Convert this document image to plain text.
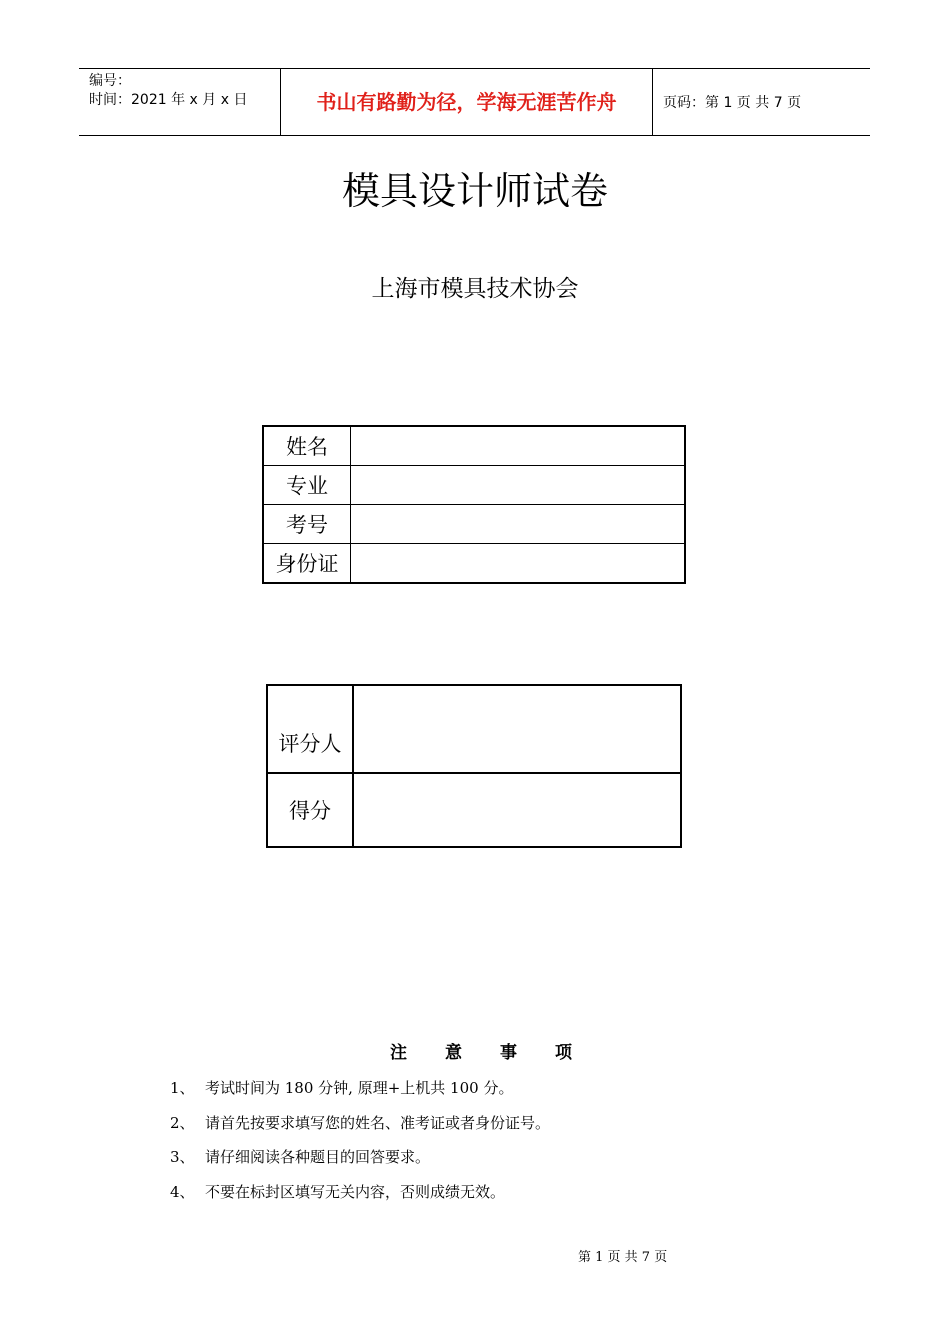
编号：
时间：2021 年 x 月 x 日	书山有路勤为径，学海无涯苦作舟	页码：第 1 页 共 7 页
模具设计师试卷
上海市模具技术协会
姓名	
专业	
考号	
身份证	
评分人	
得分	
注意事项
1、 考试时间为 180 分钟, 原理+上机共 100 分。
2、 请首先按要求填写您的姓名、准考证或者身份证号。
3、 请仔细阅读各种题目的回答要求。
4、 不要在标封区填写无关内容，否则成绩无效。
第 1 页 共 7 页
